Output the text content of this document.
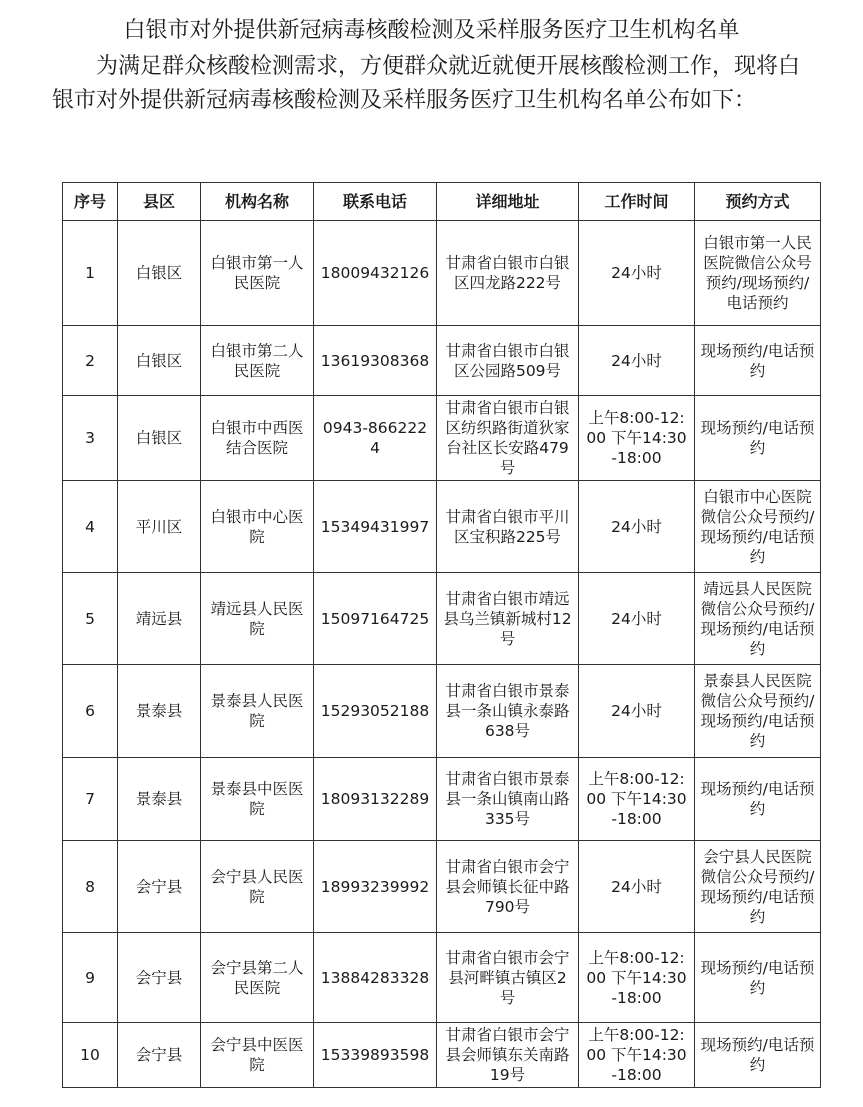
白银市对外提供新冠病毒核酸检测及采样服务医疗卫生机构名单
为满足群众核酸检测需求，方便群众就近就便开展核酸检测工作，现将白银市对外提供新冠病毒核酸检测及采样服务医疗卫生机构名单公布如下：
序号	县区	机构名称	联系电话	详细地址	工作时间	预约方式
1	白银区	白银市第一人民医院	18009432126	甘肃省白银市白银区四龙路222号	24小时	白银市第一人民医院微信公众号预约/现场预约/电话预约
2	白银区	白银市第二人民医院	13619308368	甘肃省白银市白银区公园路509号	24小时	现场预约/电话预约
3	白银区	白银市中西医结合医院	0943-8662224	甘肃省白银市白银区纺织路街道狄家台社区长安路479号	上午8:00-12:00 下午14:30-18:00	现场预约/电话预约
4	平川区	白银市中心医院	15349431997	甘肃省白银市平川区宝积路225号	24小时	白银市中心医院微信公众号预约/现场预约/电话预约
5	靖远县	靖远县人民医院	15097164725	甘肃省白银市靖远县乌兰镇新城村12号	24小时	靖远县人民医院微信公众号预约/现场预约/电话预约
6	景泰县	景泰县人民医院	15293052188	甘肃省白银市景泰县一条山镇永泰路638号	24小时	景泰县人民医院微信公众号预约/现场预约/电话预约
7	景泰县	景泰县中医医院	18093132289	甘肃省白银市景泰县一条山镇南山路335号	上午8:00-12:00 下午14:30-18:00	现场预约/电话预约
8	会宁县	会宁县人民医院	18993239992	甘肃省白银市会宁县会师镇长征中路790号	24小时	会宁县人民医院微信公众号预约/现场预约/电话预约
9	会宁县	会宁县第二人民医院	13884283328	甘肃省白银市会宁县河畔镇古镇区2号	上午8:00-12:00 下午14:30-18:00	现场预约/电话预约
10	会宁县	会宁县中医医院	15339893598	甘肃省白银市会宁县会师镇东关南路19号	上午8:00-12:00 下午14:30-18:00	现场预约/电话预约
